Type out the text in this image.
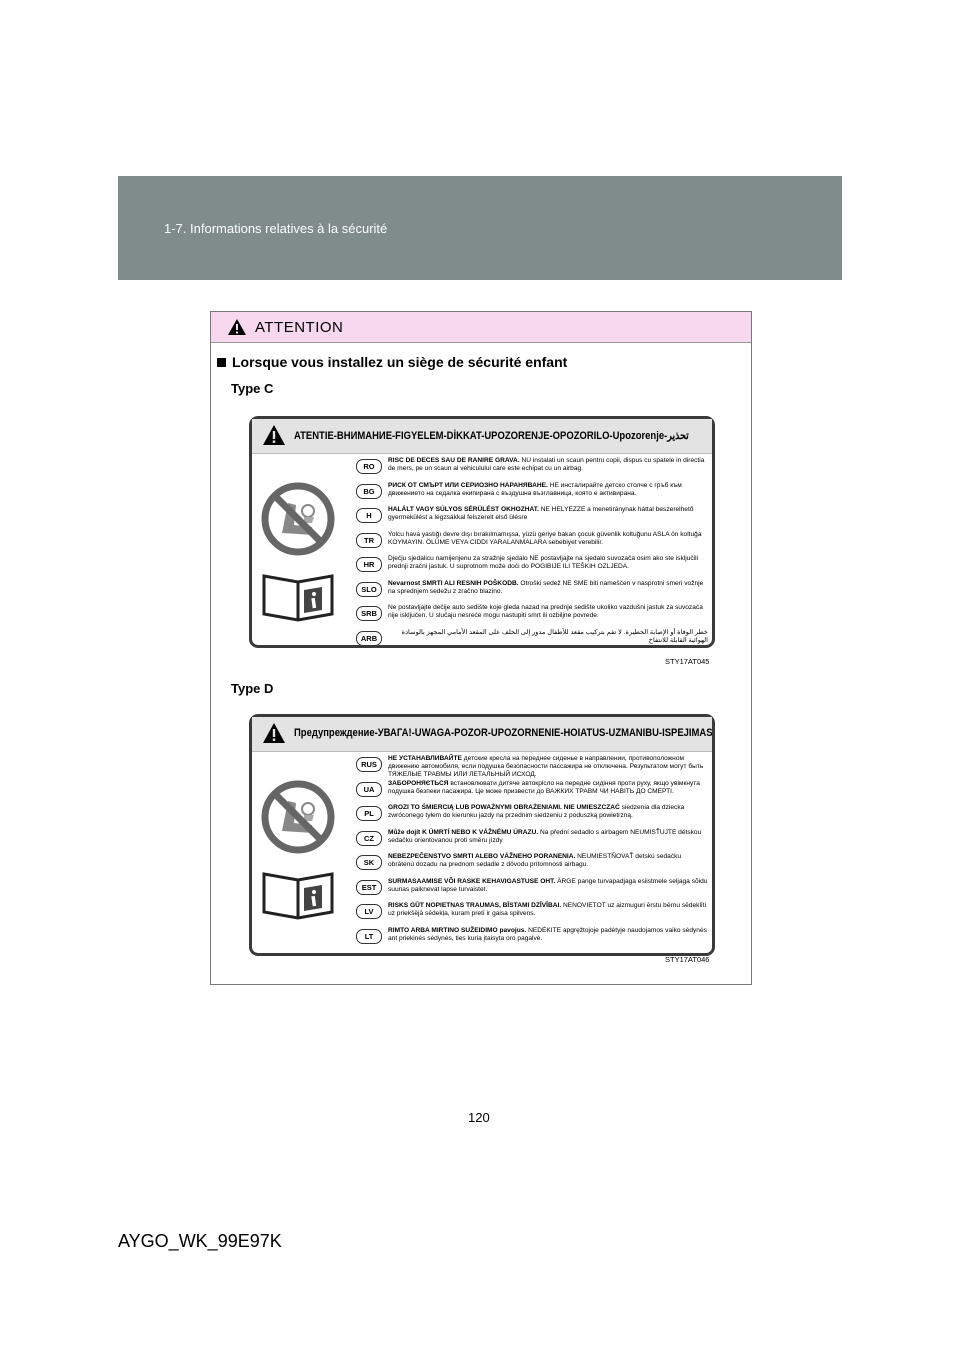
1-7. Informations relatives à la sécurité
ATTENTION
Lorsque vous installez un siège de sécurité enfant
Type C
ATENTIE-ВНИМАНИЕ-FIGYELEM-DİKKAT-UPOZORENJE-OPOZORILO-Upozorenje-تحذير

RO
RISC DE DECES SAU DE RANIRE GRAVA. NU instalati un scaun pentru copii, dispus cu spatele in directia de mers, pe un scaun al vehiculului care este echipat cu un airbag.
BG
РИСК ОТ СМЪРТ ИЛИ СЕРИОЗНО НАРАНЯВАНЕ. НЕ инсталирайте детско столче с гръб към движението на седалка екипирана с въздушна възглавница, която е активирана.
H
HALÁLT VAGY SÚLYOS SÉRÜLÉST OKHOZHAT. NE HELYEZZE a menetiránynak háttal beszerelhető gyermekülést a légzsákkal felszerelt első ülésre
TR
Yolcu hava yastığı devre dışı bırakılmamışsa, yüzü geriye bakan çocuk güvenlik koltuğunu ASLA ön koltuğa KOYMAYIN. ÖLÜME VEYA CIDDI YARALANMALARA sebebiyet verebilir.
HR
Dječju sjedalicu namijenjenu za stražnje sjedalo NE postavljajte na sjedalo suvozača osim ako ste isključili prednji zračni jastuk. U suprotnom može doći do POGIBIJE ILI TEŠKIH OZLJEDA.
SLO
Nevarnost SMRTI ALI RESNIH POŠKODB. Otroški sedež NE SME biti nameščen v nasprotni smeri vožnje na sprednjem sedežu z zračno blazino.
SRB
Ne postavljajte dečije auto sedište koje gleda nazad na prednje sedište ukoliko vazdušni jastuk za suvozača nije isključen. U slučaju nesreće mogu nastupiti smrt ili ozbiljne povrede.
ARB
خطر الوفاة أو الإصابة الخطيرة. لا تقم بتركيب مقعد للأطفال مدور إلى الخلف على المقعد الأمامي المجهز بالوسادة الهوائية القابلة للانتفاخ
STY17AT045
Type D
Предупреждение-УВАГА!-UWAGA-POZOR-UPOZORNENIE-HOIATUS-UZMANIBU-ISPEJIMAS

RUS
НЕ УСТАНАВЛИВАЙТЕ детские кресла на переднее сиденье в направлении, противоположном движению автомобиля, если подушка безопасности пассажира не отключена. Результатом могут быть ТЯЖЕЛЫЕ ТРАВМЫ ИЛИ ЛЕТАЛЬНЫЙ ИСХОД.
UA
ЗАБОРОНЯЄТЬСЯ встановлювати дитяче автокрісло на передне сидіння проти руху, якщо увімкнута подушка безпеки пасажира. Це може призвести до ВАЖКИХ ТРАВМ ЧИ НАВІТЬ ДО СМЕРТІ.
PL
GROZI TO ŚMIERCIĄ LUB POWAŻNYMI OBRAŻENIAMI. NIE UMIESZCZAĆ siedzenia dla dziecka zwróconego tyłem do kierunku jazdy na przednim siedzeniu z poduszką powietrzną.
CZ
Může dojít K ÚMRTÍ NEBO K VÁŽNÉMU ÚRAZU. Na přední sedadlo s airbagem NEUMISŤUJTE dětskou sedačku orientovanou proti směru jízdy
SK
NEBEZPEČENSTVO SMRTI ALEBO VÁŽNEHO PORANENIA. NEUMIESTŇOVAŤ detskú sedačku obrátenú dozadu na prednom sedadle z dôvodu prítomnosti airbagu.
EST
SURMASAAMISE VÕI RASKE KEHAVIGASTUSE OHT. ÄRGE pange turvapadjaga esiistmele seljaga sõidu suunas paiknevat lapse turvaistet.
LV
RISKS GŪT NOPIETNAS TRAUMAS, BĪSTAMI DZĪVĪBAI. NENOVIETOT uz aizmuguri ērstu bērnu sēdeklīti uz priekšējā sēdekļa, kuram pretī ir gaisa spilvens.
LT
RIMTO ARBA MIRTINO SUŽEIDIMO pavojus. NEDĖKITE apgręžtojoje padėtyje naudojamos vaiko sėdynės ant priekinės sėdynės, ties kuria įtaisyta oro pagalvė.
STY17AT046
120
AYGO_WK_99E97K
